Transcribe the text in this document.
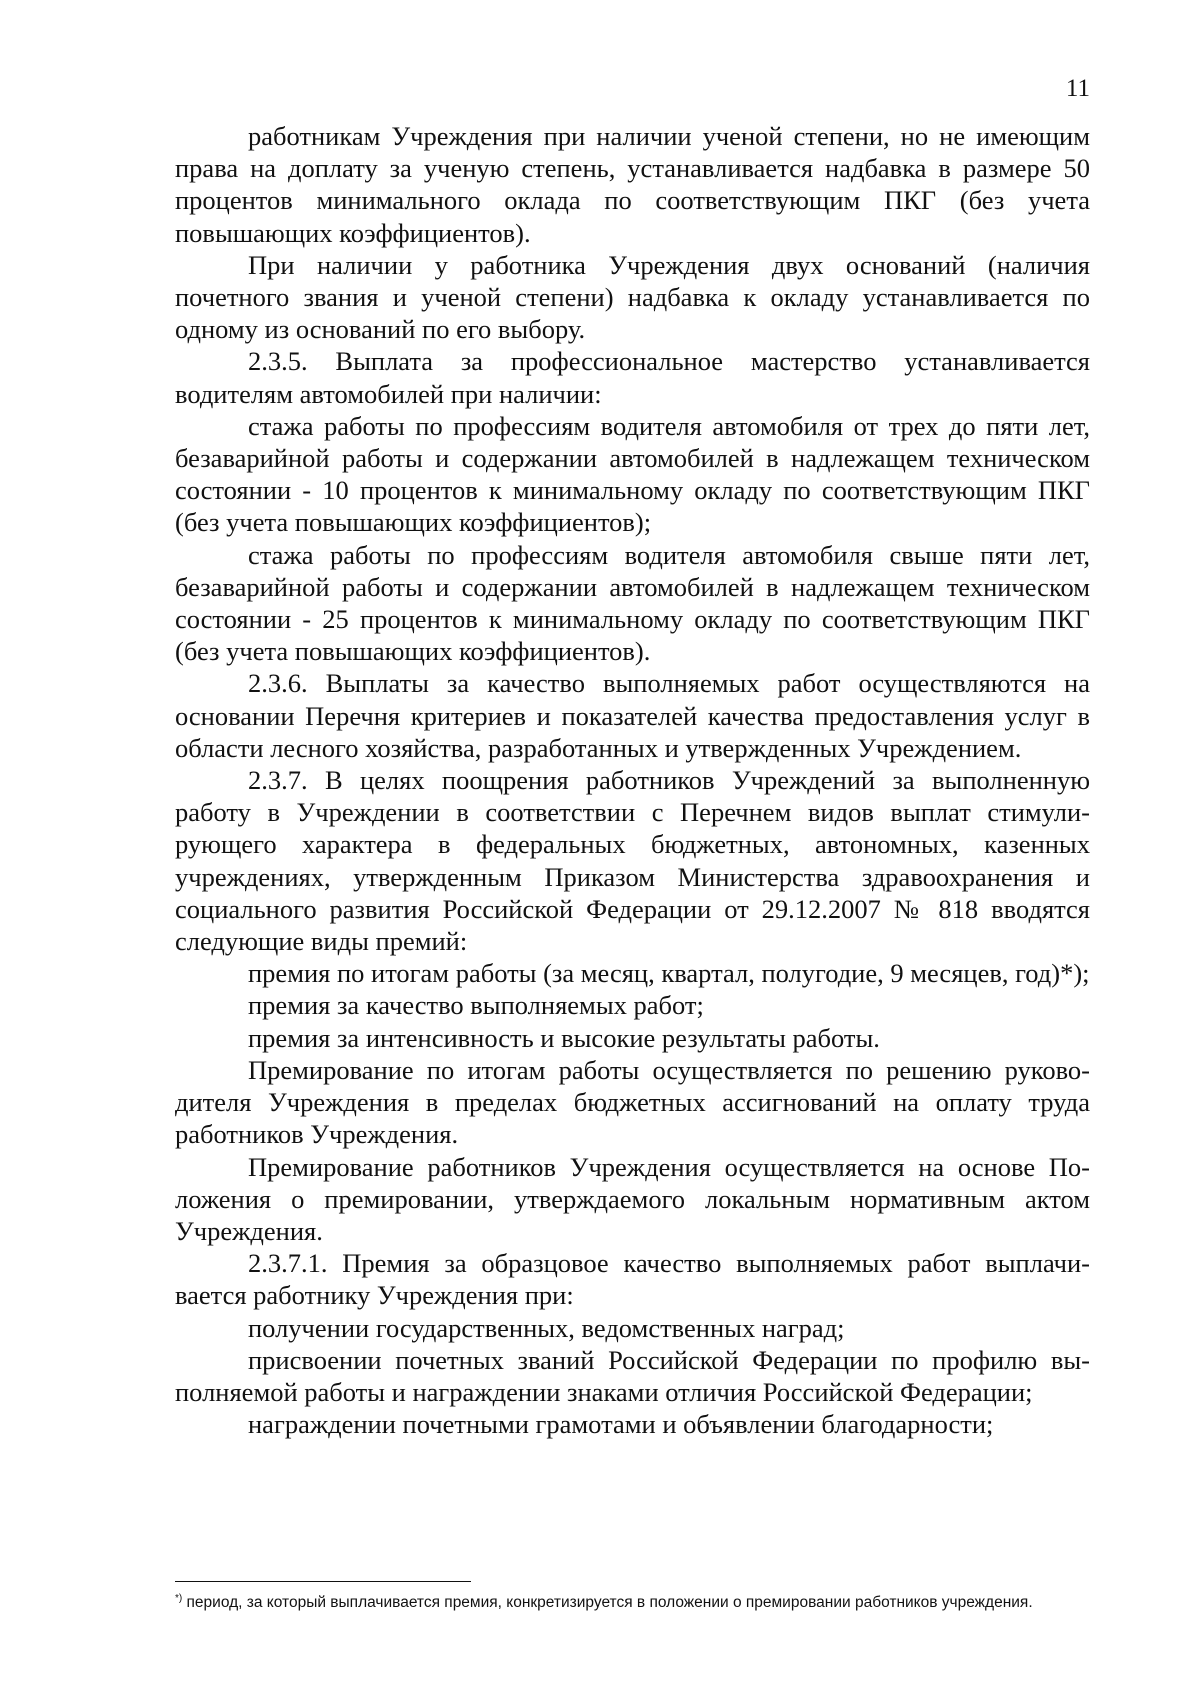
11

работникам Учреждения при наличии ученой степени, но не имеющим права на доплату за ученую степень, устанавливается надбавка в размере 50 процентов минимального оклада по соответствующим ПКГ (без учета повышающих коэффициентов).

При наличии у работника Учреждения двух оснований (наличия почетного звания и ученой степени) надбавка к окладу устанавливается по одному из оснований по его выбору.

2.3.5. Выплата за профессиональное мастерство устанавливается водителям автомобилей при наличии:

стажа работы по профессиям водителя автомобиля от трех до пяти лет, безаварийной работы и содержании автомобилей в надлежащем техническом состоянии - 10 процентов к минимальному окладу по соответствующим ПКГ (без учета повышающих коэффициентов);

стажа работы по профессиям водителя автомобиля свыше пяти лет, безаварийной работы и содержании автомобилей в надлежащем техническом состоянии - 25 процентов к минимальному окладу по соответствующим ПКГ (без учета повышающих коэффициентов).

2.3.6. Выплаты за качество выполняемых работ осуществляются на основании Перечня критериев и показателей качества предоставления услуг в области лесного хозяйства, разработанных и утвержденных Учреждением.

2.3.7. В целях поощрения работников Учреждений за выполненную работу в Учреждении в соответствии с Перечнем видов выплат стимулирующего характера в федеральных бюджетных, автономных, казенных учреждениях, утвержденным Приказом Министерства здравоохранения и социального развития Российской Федерации от 29.12.2007 № 818 вводятся следующие виды премий:

премия по итогам работы (за месяц, квартал, полугодие, 9 месяцев, год)*);

премия за качество выполняемых работ;

премия за интенсивность и высокие результаты работы.

Премирование по итогам работы осуществляется по решению руководителя Учреждения в пределах бюджетных ассигнований на оплату труда работников Учреждения.

Премирование работников Учреждения осуществляется на основе Положения о премировании, утверждаемого локальным нормативным актом Учреждения.

2.3.7.1. Премия за образцовое качество выполняемых работ выплачивается работнику Учреждения при:

получении государственных, ведомственных наград;

присвоении почетных званий Российской Федерации по профилю выполняемой работы и награждении знаками отличия Российской Федерации;

награждении почетными грамотами и объявлении благодарности;

*) период, за который выплачивается премия, конкретизируется в положении о премировании работников учреждения.
